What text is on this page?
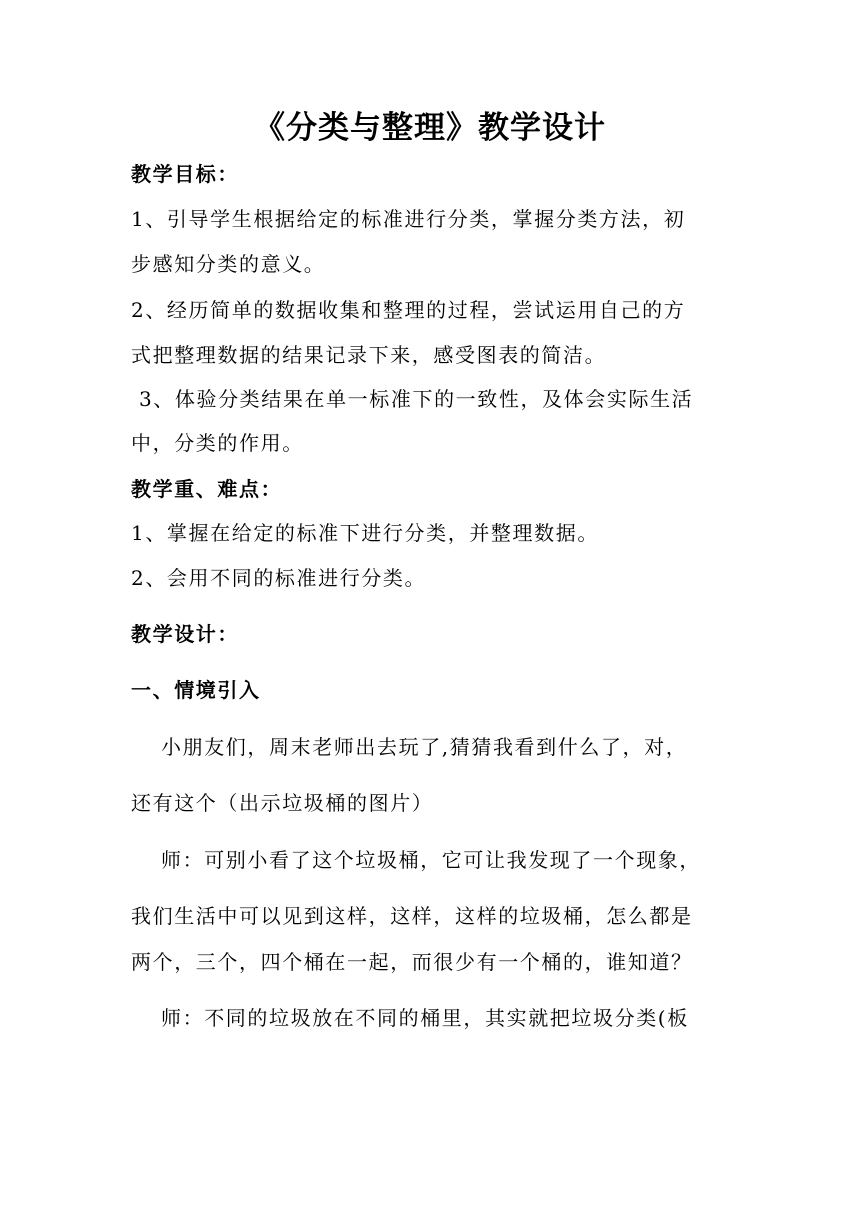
《分类与整理》教学设计

教学目标：

1、引导学生根据给定的标准进行分类，掌握分类方法，初

步感知分类的意义。

2、经历简单的数据收集和整理的过程，尝试运用自己的方

式把整理数据的结果记录下来，感受图表的简洁。

3、体验分类结果在单一标准下的一致性，及体会实际生活

中，分类的作用。

教学重、难点：

1、掌握在给定的标准下进行分类，并整理数据。

2、会用不同的标准进行分类。

教学设计：

一、情境引入

小朋友们，周末老师出去玩了,猜猜我看到什么了，对，

还有这个（出示垃圾桶的图片）

师：可别小看了这个垃圾桶，它可让我发现了一个现象，

我们生活中可以见到这样，这样，这样的垃圾桶，怎么都是

两个，三个，四个桶在一起，而很少有一个桶的，谁知道？

师：不同的垃圾放在不同的桶里，其实就把垃圾分类(板
